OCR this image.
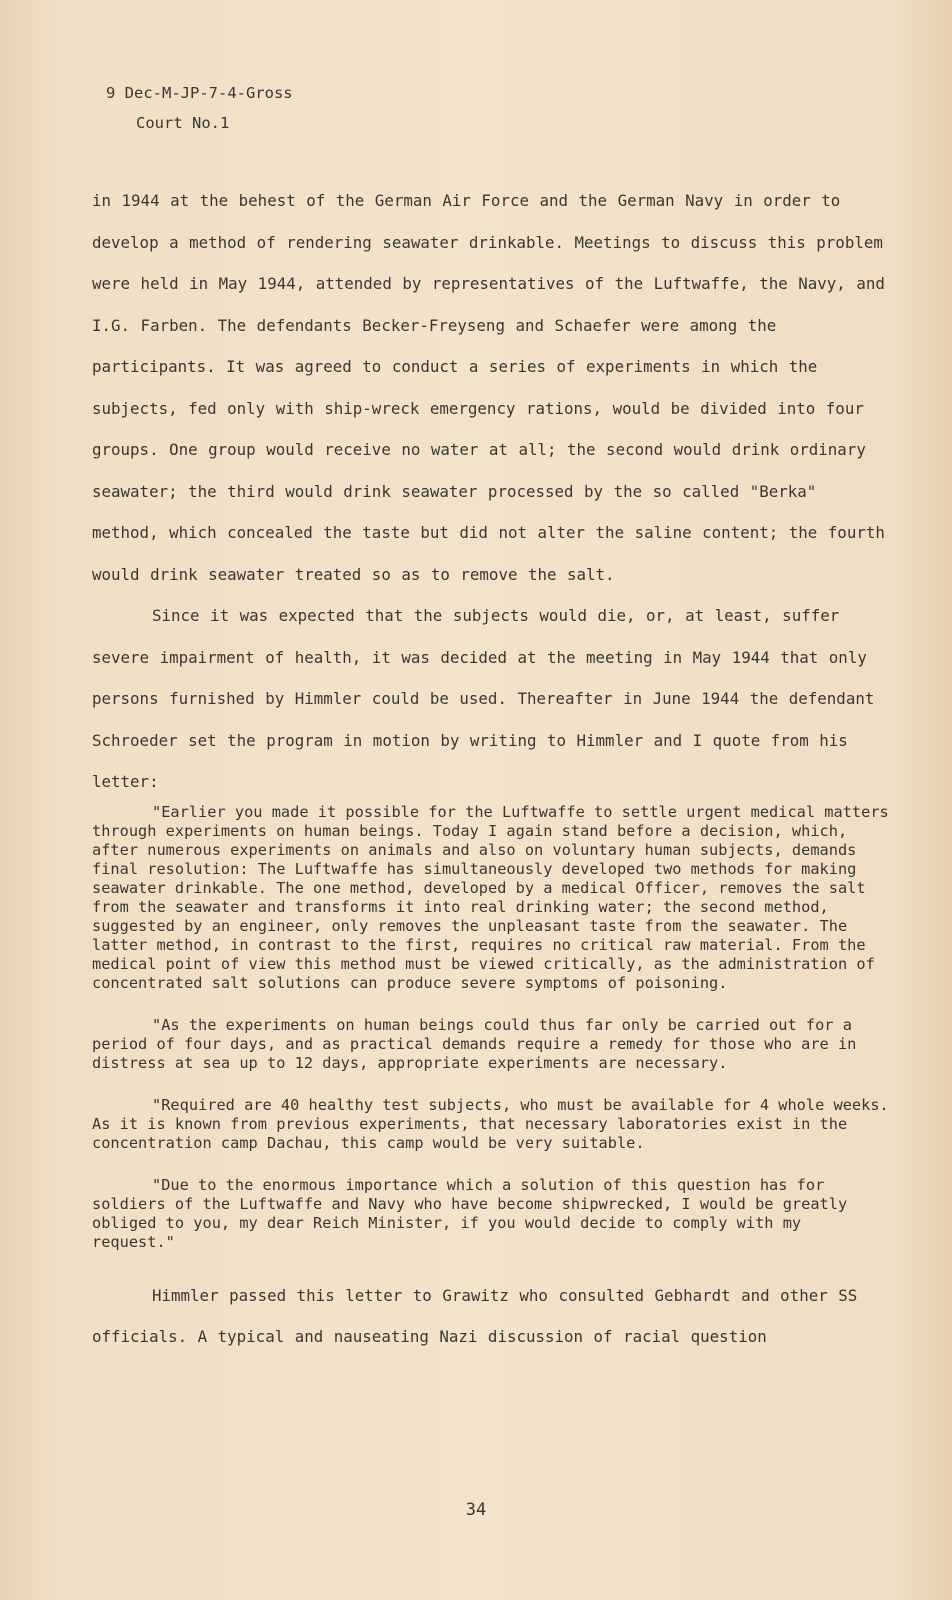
9 Dec-M-JP-7-4-Gross
Court No.1

in 1944 at the behest of the German Air Force and the German Navy in order to develop a method of rendering seawater drinkable. Meetings to discuss this problem were held in May 1944, attended by representatives of the Luftwaffe, the Navy, and I.G. Farben. The defendants Becker-Freyseng and Schaefer were among the participants. It was agreed to conduct a series of experiments in which the subjects, fed only with ship-wreck emergency rations, would be divided into four groups. One group would receive no water at all; the second would drink ordinary seawater; the third would drink seawater processed by the so called "Berka" method, which concealed the taste but did not alter the saline content; the fourth would drink seawater treated so as to remove the salt.

Since it was expected that the subjects would die, or, at least, suffer severe impairment of health, it was decided at the meeting in May 1944 that only persons furnished by Himmler could be used. Thereafter in June 1944 the defendant Schroeder set the program in motion by writing to Himmler and I quote from his letter:

"Earlier you made it possible for the Luftwaffe to settle urgent medical matters through experiments on human beings. Today I again stand before a decision, which, after numerous experiments on animals and also on voluntary human subjects, demands final resolution: The Luftwaffe has simultaneously developed two methods for making seawater drinkable. The one method, developed by a medical Officer, removes the salt from the seawater and transforms it into real drinking water; the second method, suggested by an engineer, only removes the unpleasant taste from the seawater. The latter method, in contrast to the first, requires no critical raw material. From the medical point of view this method must be viewed critically, as the administration of concentrated salt solutions can produce severe symptoms of poisoning.

"As the experiments on human beings could thus far only be carried out for a period of four days, and as practical demands require a remedy for those who are in distress at sea up to 12 days, appropriate experiments are necessary.

"Required are 40 healthy test subjects, who must be available for 4 whole weeks. As it is known from previous experiments, that necessary laboratories exist in the concentration camp Dachau, this camp would be very suitable.

"Due to the enormous importance which a solution of this question has for soldiers of the Luftwaffe and Navy who have become shipwrecked, I would be greatly obliged to you, my dear Reich Minister, if you would decide to comply with my request."

Himmler passed this letter to Grawitz who consulted Gebhardt and other SS officials. A typical and nauseating Nazi discussion of racial question

34
